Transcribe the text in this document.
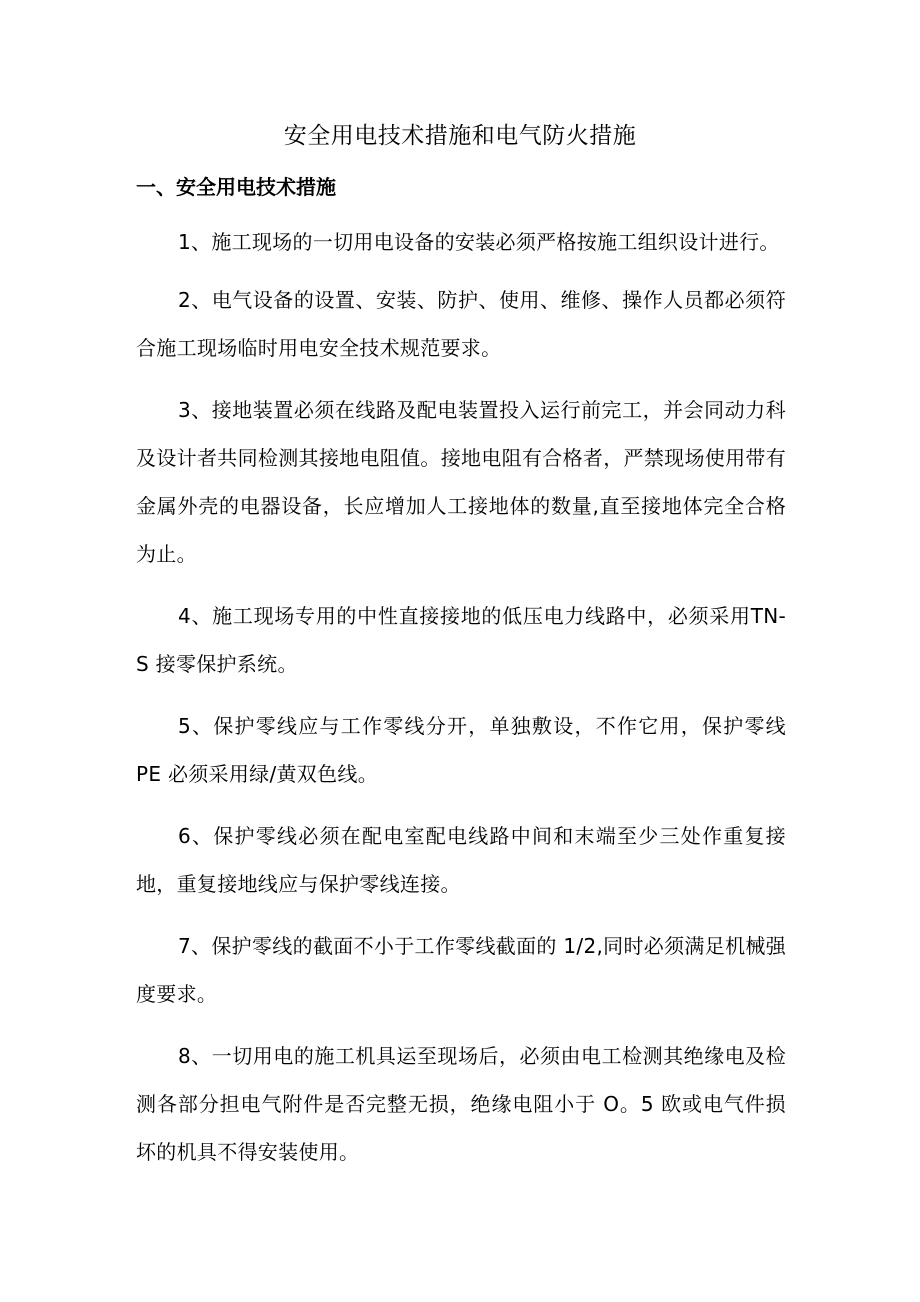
安全用电技术措施和电气防火措施
一、安全用电技术措施

1、施工现场的一切用电设备的安装必须严格按施工组织设计进行。

2、电气设备的设置、安装、防护、使用、维修、操作人员都必须符合施工现场临时用电安全技术规范要求。

3、接地装置必须在线路及配电装置投入运行前完工，并会同动力科及设计者共同检测其接地电阻值。接地电阻有合格者，严禁现场使用带有金属外壳的电器设备，长应增加人工接地体的数量,直至接地体完全合格为止。

4、施工现场专用的中性直接接地的低压电力线路中，必须采用TN-S 接零保护系统。

5、保护零线应与工作零线分开，单独敷设，不作它用，保护零线 PE 必须采用绿/黄双色线。

6、保护零线必须在配电室配电线路中间和末端至少三处作重复接地，重复接地线应与保护零线连接。

7、保护零线的截面不小于工作零线截面的 1/2,同时必须满足机械强度要求。

8、一切用电的施工机具运至现场后，必须由电工检测其绝缘电及检测各部分担电气附件是否完整无损，绝缘电阻小于 O。5 欧或电气件损坏的机具不得安装使用。
